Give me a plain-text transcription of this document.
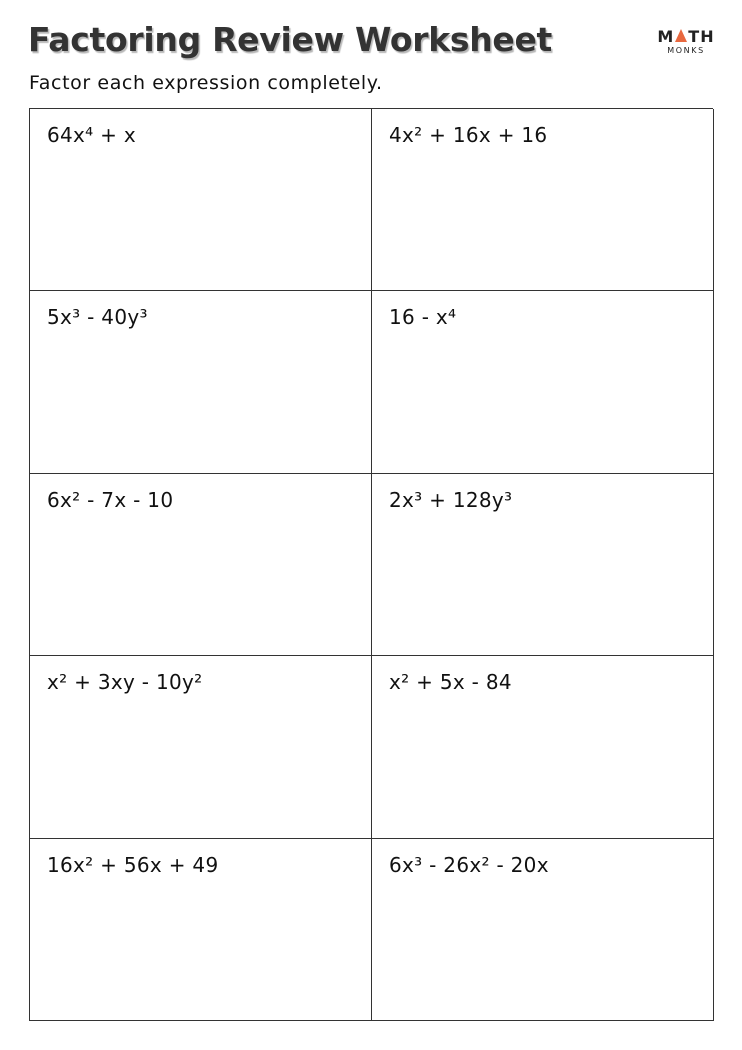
Factoring Review Worksheet
Factor each expression completely.
M TH
MONKS
64x⁴ + x	4x² + 16x + 16
5x³ - 40y³	16 - x⁴
6x² - 7x - 10	2x³ + 128y³
x² + 3xy - 10y²	x² + 5x - 84
16x² + 56x + 49	6x³ - 26x² - 20x
